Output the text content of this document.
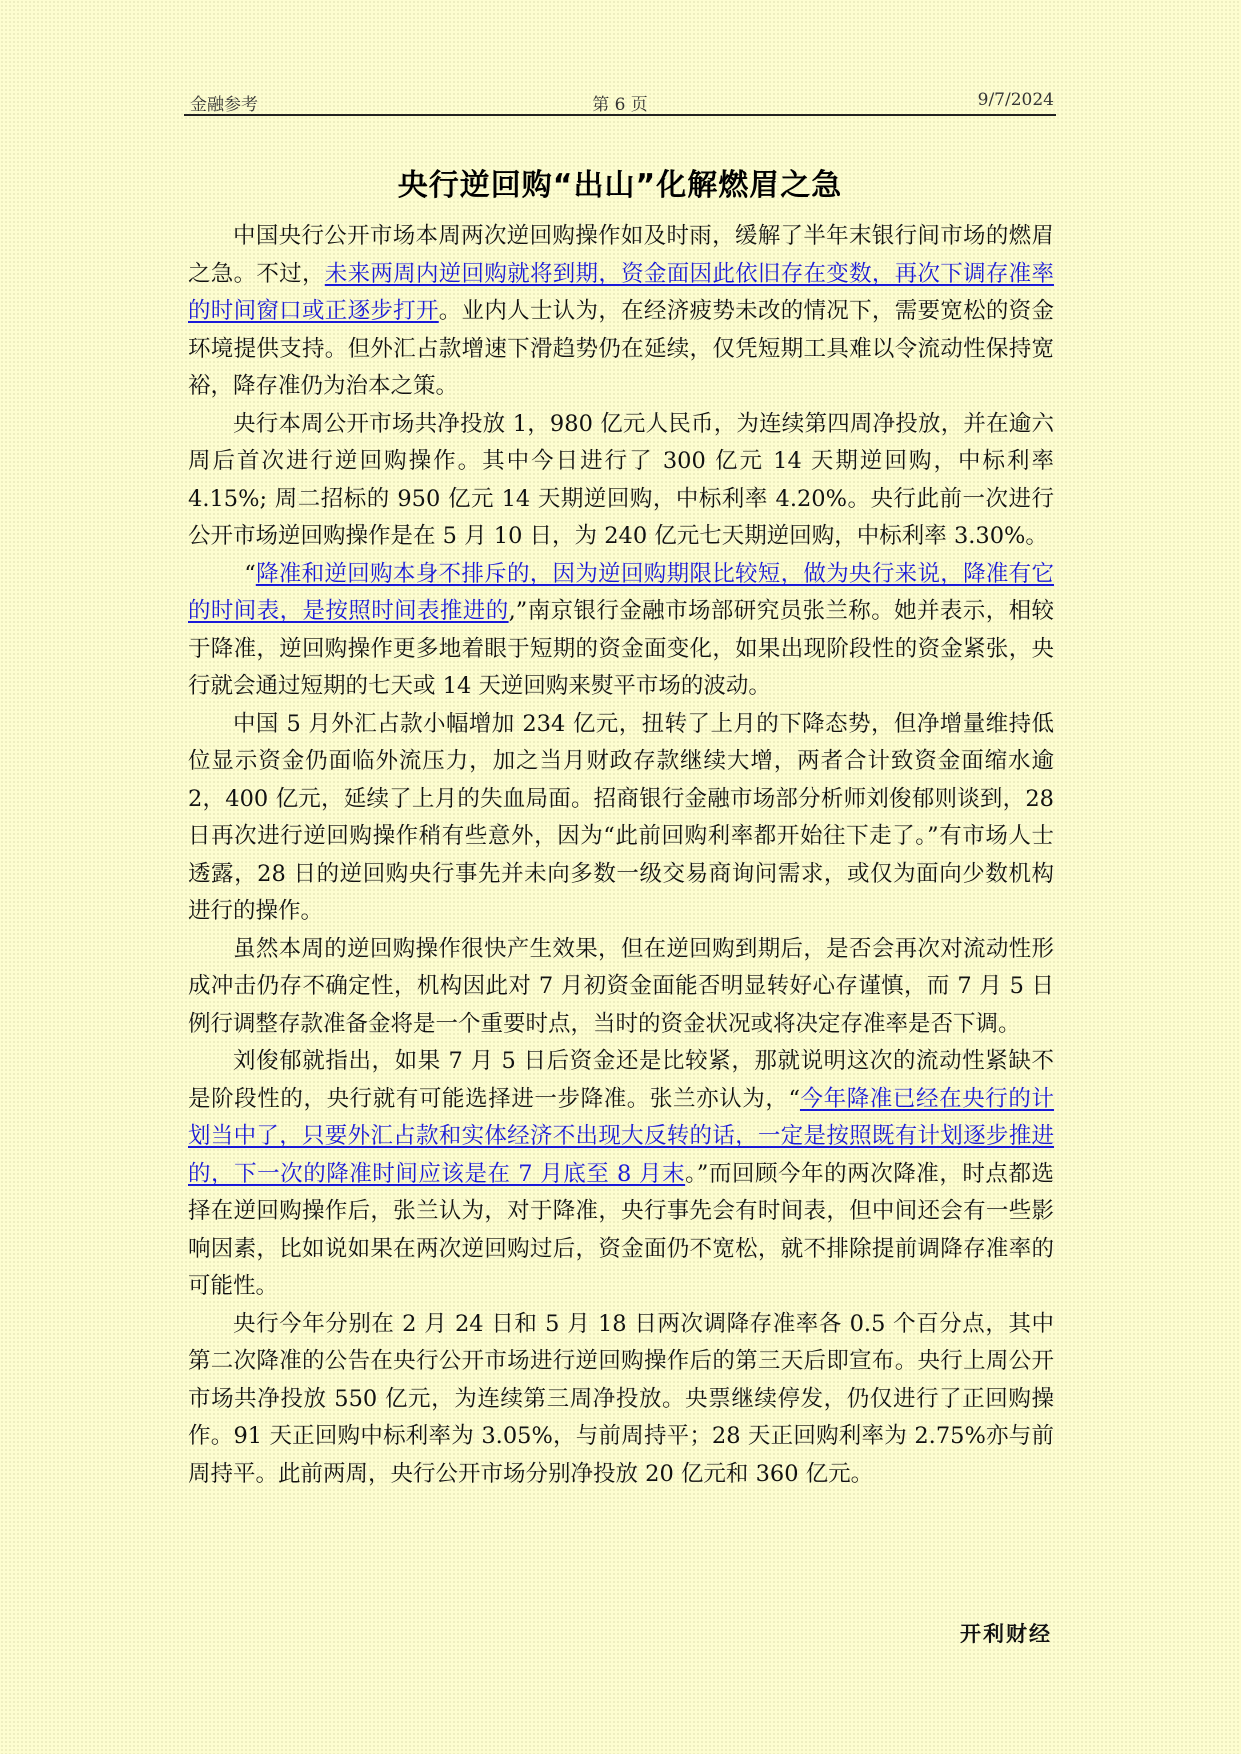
金融参考	第 6 页	9/7/2024
央行逆回购“出山”化解燃眉之急

中国央行公开市场本周两次逆回购操作如及时雨，缓解了半年末银行间市场的燃眉之急。不过，未来两周内逆回购就将到期，资金面因此依旧存在变数，再次下调存准率的时间窗口或正逐步打开。业内人士认为，在经济疲势未改的情况下，需要宽松的资金环境提供支持。但外汇占款增速下滑趋势仍在延续，仅凭短期工具难以令流动性保持宽裕，降存准仍为治本之策。

央行本周公开市场共净投放 1，980 亿元人民币，为连续第四周净投放，并在逾六周后首次进行逆回购操作。其中今日进行了 300 亿元 14 天期逆回购，中标利率 4.15%; 周二招标的 950 亿元 14 天期逆回购，中标利率 4.20%。央行此前一次进行公开市场逆回购操作是在 5 月 10 日，为 240 亿元七天期逆回购，中标利率 3.30%。

“降准和逆回购本身不排斥的，因为逆回购期限比较短，做为央行来说，降准有它的时间表，是按照时间表推进的,”南京银行金融市场部研究员张兰称。她并表示，相较于降准，逆回购操作更多地着眼于短期的资金面变化，如果出现阶段性的资金紧张，央行就会通过短期的七天或 14 天逆回购来熨平市场的波动。

中国 5 月外汇占款小幅增加 234 亿元，扭转了上月的下降态势，但净增量维持低位显示资金仍面临外流压力，加之当月财政存款继续大增，两者合计致资金面缩水逾 2，400 亿元，延续了上月的失血局面。招商银行金融市场部分析师刘俊郁则谈到，28 日再次进行逆回购操作稍有些意外，因为“此前回购利率都开始往下走了。”有市场人士透露，28 日的逆回购央行事先并未向多数一级交易商询问需求，或仅为面向少数机构进行的操作。

虽然本周的逆回购操作很快产生效果，但在逆回购到期后，是否会再次对流动性形成冲击仍存不确定性，机构因此对 7 月初资金面能否明显转好心存谨慎，而 7 月 5 日例行调整存款准备金将是一个重要时点，当时的资金状况或将决定存准率是否下调。

刘俊郁就指出，如果 7 月 5 日后资金还是比较紧，那就说明这次的流动性紧缺不是阶段性的，央行就有可能选择进一步降准。张兰亦认为，“今年降准已经在央行的计划当中了，只要外汇占款和实体经济不出现大反转的话，一定是按照既有计划逐步推进的，下一次的降准时间应该是在 7 月底至 8 月末。”而回顾今年的两次降准，时点都选择在逆回购操作后，张兰认为，对于降准，央行事先会有时间表，但中间还会有一些影响因素，比如说如果在两次逆回购过后，资金面仍不宽松，就不排除提前调降存准率的可能性。

央行今年分别在 2 月 24 日和 5 月 18 日两次调降存准率各 0.5 个百分点，其中第二次降准的公告在央行公开市场进行逆回购操作后的第三天后即宣布。央行上周公开市场共净投放 550 亿元，为连续第三周净投放。央票继续停发，仍仅进行了正回购操作。91 天正回购中标利率为 3.05%，与前周持平；28 天正回购利率为 2.75%亦与前周持平。此前两周，央行公开市场分别净投放 20 亿元和 360 亿元。

开利财经
